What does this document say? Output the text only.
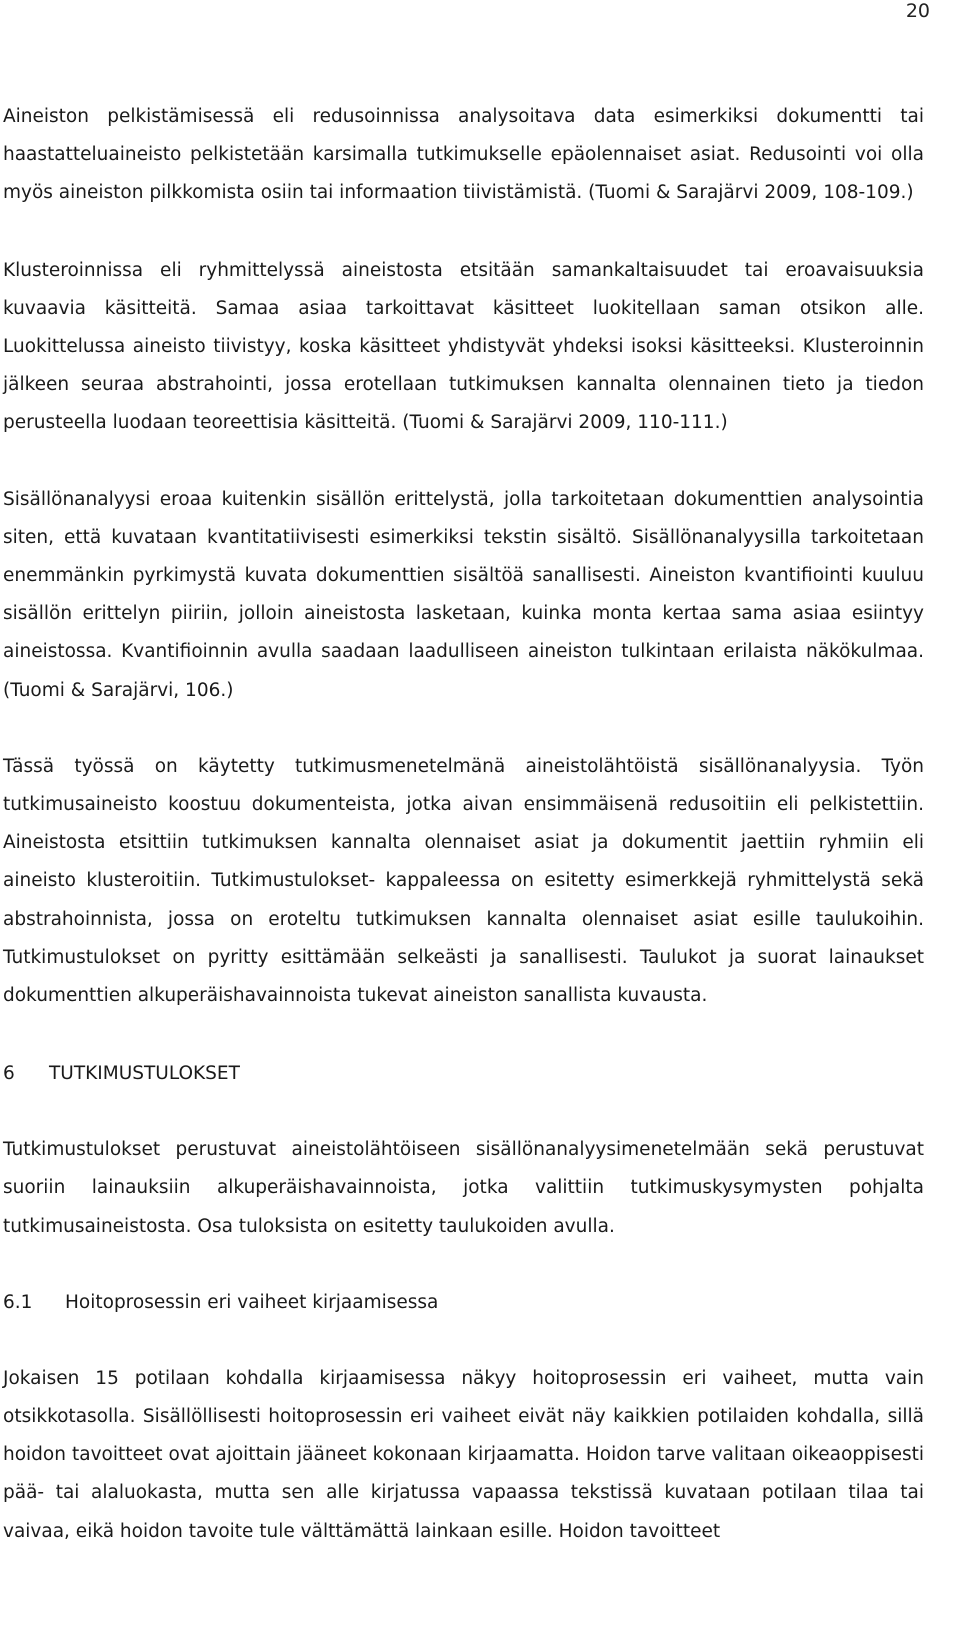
20

Aineiston pelkistämisessä eli redusoinnissa analysoitava data esimerkiksi dokumentti tai haastatteluaineisto pelkistetään karsimalla tutkimukselle epäolennaiset asiat. Redusointi voi olla myös aineiston pilkkomista osiin tai informaation tiivistämistä. (Tuomi & Sarajärvi 2009, 108-109.)

Klusteroinnissa eli ryhmittelyssä aineistosta etsitään samankaltaisuudet tai eroavaisuuksia kuvaavia käsitteitä. Samaa asiaa tarkoittavat käsitteet luokitellaan saman otsikon alle. Luokittelussa aineisto tiivistyy, koska käsitteet yhdistyvät yhdeksi isoksi käsitteeksi. Klusteroinnin jälkeen seuraa abstrahointi, jossa erotellaan tutkimuksen kannalta olennainen tieto ja tiedon perusteella luodaan teoreettisia käsitteitä. (Tuomi & Sarajärvi 2009, 110-111.)

Sisällönanalyysi eroaa kuitenkin sisällön erittelystä, jolla tarkoitetaan dokumenttien analysointia siten, että kuvataan kvantitatiivisesti esimerkiksi tekstin sisältö. Sisällönanalyysilla tarkoitetaan enemmänkin pyrkimystä kuvata dokumenttien sisältöä sanallisesti. Aineiston kvantifiointi kuuluu sisällön erittelyn piiriin, jolloin aineistosta lasketaan, kuinka monta kertaa sama asiaa esiintyy aineistossa. Kvantifioinnin avulla saadaan laadulliseen aineiston tulkintaan erilaista näkökulmaa. (Tuomi & Sarajärvi, 106.)

Tässä työssä on käytetty tutkimusmenetelmänä aineistolähtöistä sisällönanalyysia. Työn tutkimusaineisto koostuu dokumenteista, jotka aivan ensimmäisenä redusoitiin eli pelkistettiin. Aineistosta etsittiin tutkimuksen kannalta olennaiset asiat ja dokumentit jaettiin ryhmiin eli aineisto klusteroitiin. Tutkimustulokset- kappaleessa on esitetty esimerkkejä ryhmittelystä sekä abstrahoinnista, jossa on eroteltu tutkimuksen kannalta olennaiset asiat esille taulukoihin. Tutkimustulokset on pyritty esittämään selkeästi ja sanallisesti. Taulukot ja suorat lainaukset dokumenttien alkuperäishavainnoista tukevat aineiston sanallista kuvausta.

6	TUTKIMUSTULOKSET

Tutkimustulokset perustuvat aineistolähtöiseen sisällönanalyysimenetelmään sekä perustuvat suoriin lainauksiin alkuperäishavainnoista, jotka valittiin tutkimuskysymysten pohjalta tutkimusaineistosta. Osa tuloksista on esitetty taulukoiden avulla.

6.1	Hoitoprosessin eri vaiheet kirjaamisessa

Jokaisen 15 potilaan kohdalla kirjaamisessa näkyy hoitoprosessin eri vaiheet, mutta vain otsikkotasolla. Sisällöllisesti hoitoprosessin eri vaiheet eivät näy kaikkien potilaiden kohdalla, sillä hoidon tavoitteet ovat ajoittain jääneet kokonaan kirjaamatta. Hoidon tarve valitaan oikeaoppisesti pää- tai alaluokasta, mutta sen alle kirjatussa vapaassa tekstissä kuvataan potilaan tilaa tai vaivaa, eikä hoidon tavoite tule välttämättä lainkaan esille. Hoidon tavoitteet
